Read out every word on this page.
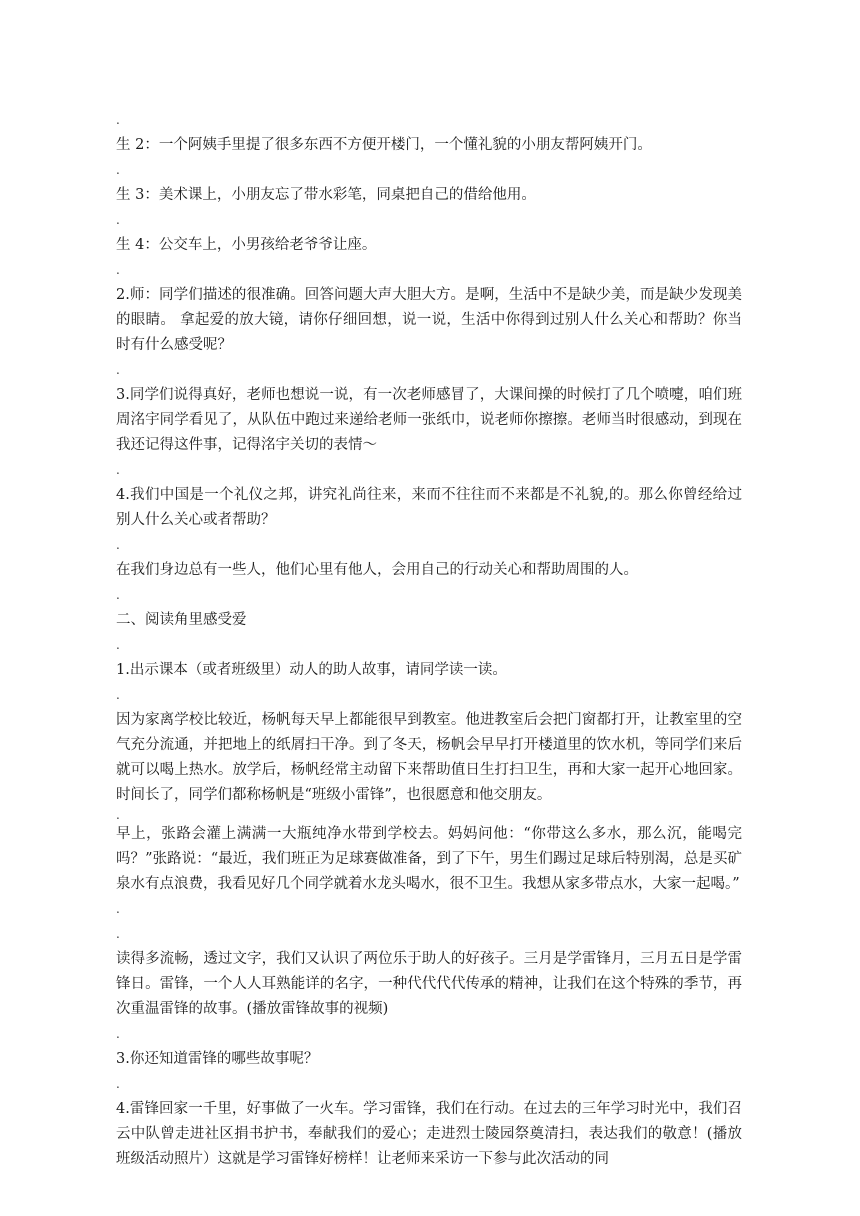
.

生 2：一个阿姨手里提了很多东西不方便开楼门，一个懂礼貌的小朋友帮阿姨开门。

.

生 3：美术课上，小朋友忘了带水彩笔，同桌把自己的借给他用。

.

生 4：公交车上，小男孩给老爷爷让座。

.

2.师：同学们描述的很准确。回答问题大声大胆大方。是啊，生活中不是缺少美，而是缺少发现美的眼睛。 拿起爱的放大镜，请你仔细回想，说一说，生活中你得到过别人什么关心和帮助？你当时有什么感受呢？

.

3.同学们说得真好，老师也想说一说，有一次老师感冒了，大课间操的时候打了几个喷嚏，咱们班周洺宇同学看见了，从队伍中跑过来递给老师一张纸巾，说老师你擦擦。老师当时很感动，到现在我还记得这件事，记得洺宇关切的表情～

.

4.我们中国是一个礼仪之邦，讲究礼尚往来，来而不往往而不来都是不礼貌,的。那么你曾经给过别人什么关心或者帮助？

.

在我们身边总有一些人，他们心里有他人，会用自己的行动关心和帮助周围的人。

.

二、阅读角里感受爱

.

1.出示课本（或者班级里）动人的助人故事，请同学读一读。

.

因为家离学校比较近，杨帆每天早上都能很早到教室。他进教室后会把门窗都打开，让教室里的空气充分流通，并把地上的纸屑扫干净。到了冬天，杨帆会早早打开楼道里的饮水机，等同学们来后就可以喝上热水。放学后，杨帆经常主动留下来帮助值日生打扫卫生，再和大家一起开心地回家。时间长了，同学们都称杨帆是“班级小雷锋”，也很愿意和他交朋友。

.

早上，张路会灌上满满一大瓶纯净水带到学校去。妈妈问他：“你带这么多水，那么沉，能喝完吗？”张路说：“最近，我们班正为足球赛做准备，到了下午，男生们踢过足球后特别渴，总是买矿泉水有点浪费，我看见好几个同学就着水龙头喝水，很不卫生。我想从家多带点水，大家一起喝。”

.

.

读得多流畅，透过文字，我们又认识了两位乐于助人的好孩子。三月是学雷锋月，三月五日是学雷锋日。雷锋，一个人人耳熟能详的名字，一种代代代代传承的精神，让我们在这个特殊的季节，再次重温雷锋的故事。(播放雷锋故事的视频)

.

3.你还知道雷锋的哪些故事呢？

.

4.雷锋回家一千里，好事做了一火车。学习雷锋，我们在行动。在过去的三年学习时光中，我们召云中队曾走进社区捐书护书，奉献我们的爱心；走进烈士陵园祭奠清扫，表达我们的敬意！(播放班级活动照片）这就是学习雷锋好榜样！让老师来采访一下参与此次活动的同
